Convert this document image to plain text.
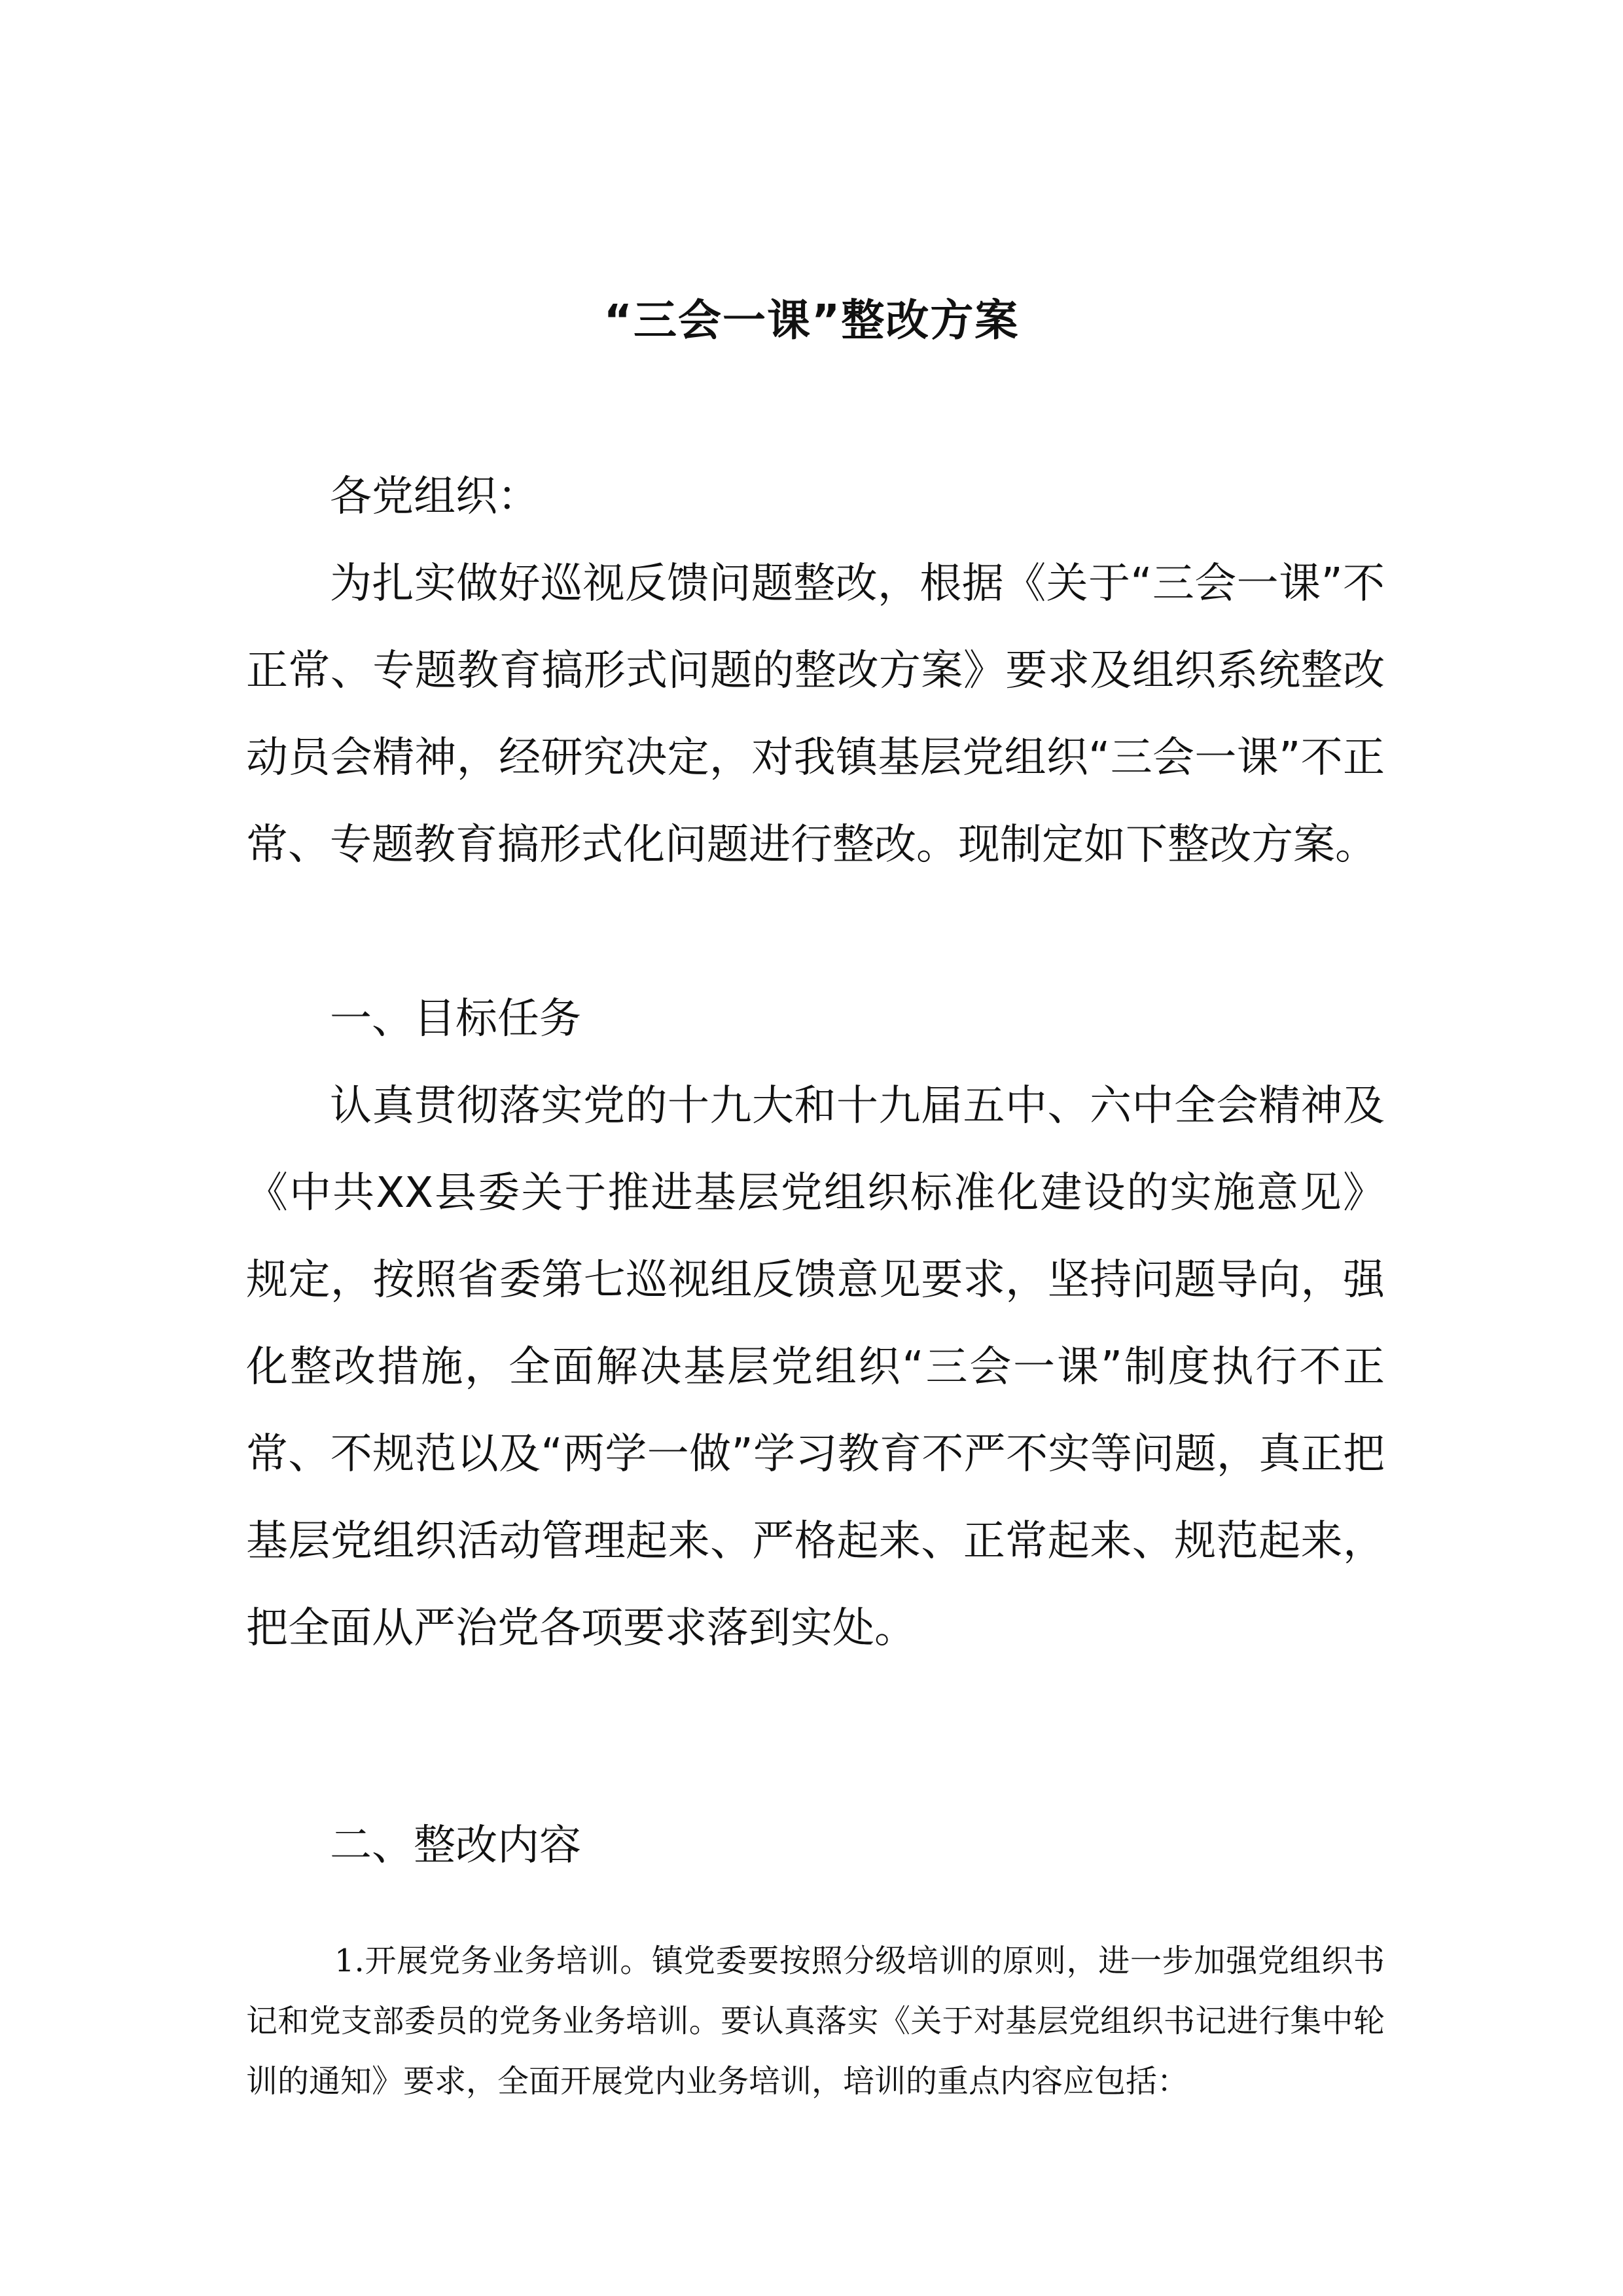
“三会一课”整改方案

各党组织：

为扎实做好巡视反馈问题整改，根据《关于“三会一课”不正常、专题教育搞形式问题的整改方案》要求及组织系统整改动员会精神，经研究决定，对我镇基层党组织“三会一课”不正常、专题教育搞形式化问题进行整改。现制定如下整改方案。

一、目标任务

认真贯彻落实党的十九大和十九届五中、六中全会精神及《中共XX县委关于推进基层党组织标准化建设的实施意见》规定，按照省委第七巡视组反馈意见要求，坚持问题导向，强化整改措施，全面解决基层党组织“三会一课”制度执行不正常、不规范以及“两学一做”学习教育不严不实等问题，真正把基层党组织活动管理起来、严格起来、正常起来、规范起来，把全面从严治党各项要求落到实处。

二、整改内容

1.开展党务业务培训。镇党委要按照分级培训的原则，进一步加强党组织书记和党支部委员的党务业务培训。要认真落实《关于对基层党组织书记进行集中轮训的通知》要求，全面开展党内业务培训，培训的重点内容应包括：
